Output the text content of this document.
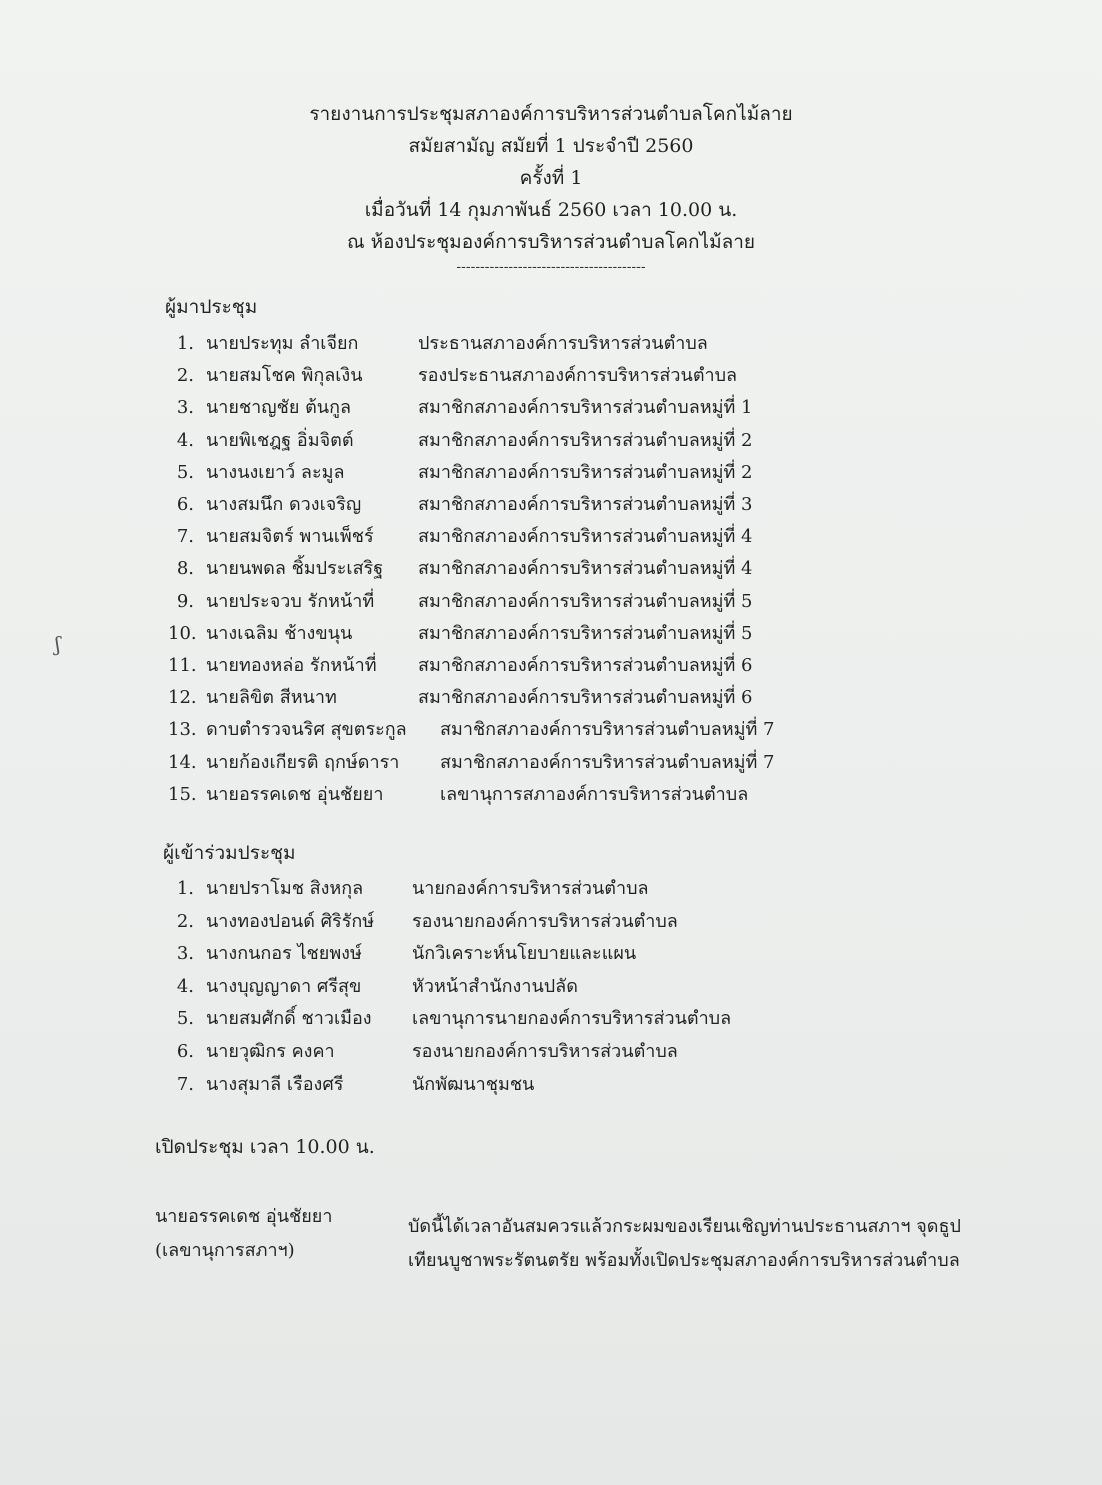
รายงานการประชุมสภาองค์การบริหารส่วนตำบลโคกไม้ลาย
สมัยสามัญ สมัยที่ 1 ประจำปี 2560
ครั้งที่ 1
เมื่อวันที่ 14 กุมภาพันธ์ 2560 เวลา 10.00 น.
ณ ห้องประชุมองค์การบริหารส่วนตำบลโคกไม้ลาย
----------------------------------------
ผู้มาประชุม
1. นายประทุม ลำเจียก	ประธานสภาองค์การบริหารส่วนตำบล
2. นายสมโชค พิกุลเงิน	รองประธานสภาองค์การบริหารส่วนตำบล
3. นายชาญชัย ต้นกูล	สมาชิกสภาองค์การบริหารส่วนตำบลหมู่ที่ 1
4. นายพิเชฎฐ อิ่มจิตต์	สมาชิกสภาองค์การบริหารส่วนตำบลหมู่ที่ 2
5. นางนงเยาว์ ละมูล	สมาชิกสภาองค์การบริหารส่วนตำบลหมู่ที่ 2
6. นางสมนึก ดวงเจริญ	สมาชิกสภาองค์การบริหารส่วนตำบลหมู่ที่ 3
7. นายสมจิตร์ พานเพ็ชร์ สมาชิกสภาองค์การบริหารส่วนตำบลหมู่ที่ 4
8. นายนพดล ชิ้มประเสริฐ สมาชิกสภาองค์การบริหารส่วนตำบลหมู่ที่ 4
9. นายประจวบ รักหน้าที่ สมาชิกสภาองค์การบริหารส่วนตำบลหมู่ที่ 5
10. นางเฉลิม ช้างขนุน	สมาชิกสภาองค์การบริหารส่วนตำบลหมู่ที่ 5
11. นายทองหล่อ รักหน้าที่ สมาชิกสภาองค์การบริหารส่วนตำบลหมู่ที่ 6
12. นายลิขิต สีหนาท	สมาชิกสภาองค์การบริหารส่วนตำบลหมู่ที่ 6
13. ดาบตำรวจนริศ สุขตระกูล สมาชิกสภาองค์การบริหารส่วนตำบลหมู่ที่ 7
14. นายก้องเกียรติ ฤกษ์ดารา สมาชิกสภาองค์การบริหารส่วนตำบลหมู่ที่ 7
15. นายอรรคเดช อุ่นชัยยา	เลขานุการสภาองค์การบริหารส่วนตำบล
ผู้เข้าร่วมประชุม
1. นายปราโมช สิงหกุล	นายกองค์การบริหารส่วนตำบล
2. นางทองปอนด์ ศิริรักษ์ รองนายกองค์การบริหารส่วนตำบล
3. นางกนกอร ไชยพงษ์	นักวิเคราะห์นโยบายและแผน
4. นางบุญญาดา ศรีสุข	หัวหน้าสำนักงานปลัด
5. นายสมศักดิ์ ชาวเมือง เลขานุการนายกองค์การบริหารส่วนตำบล
6. นายวุฒิกร คงคา	รองนายกองค์การบริหารส่วนตำบล
7. นางสุมาลี เรืองศรี	นักพัฒนาชุมชน
เปิดประชุม เวลา 10.00 น.
นายอรรคเดช อุ่นชัยยา
(เลขานุการสภาฯ)
บัดนี้ได้เวลาอันสมควรแล้วกระผมของเรียนเชิญท่านประธานสภาฯ จุดธูป
เทียนบูชาพระรัตนตรัย พร้อมทั้งเปิดประชุมสภาองค์การบริหารส่วนตำบล
ʃ
